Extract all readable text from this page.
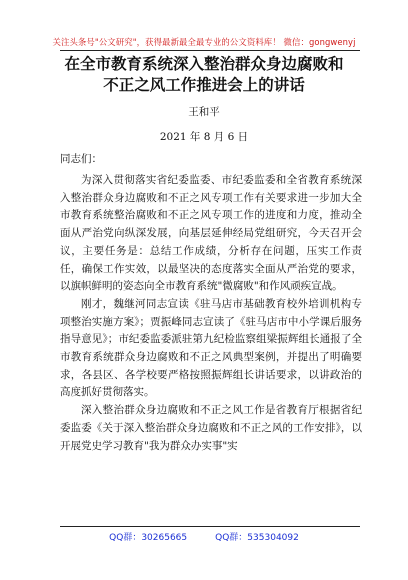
关注头条号"公文研究"，获得最新最全最专业的公文资料库！ 微信：gongwenyj
在全市教育系统深入整治群众身边腐败和
不正之风工作推进会上的讲话
王和平
2021 年 8 月 6 日
同志们：

为深入贯彻落实省纪委监委、市纪委监委和全省教育系统深入整治群众身边腐败和不正之风专项工作有关要求进一步加大全市教育系统整治腐败和不正之风专项工作的进度和力度，推动全面从严治党向纵深发展，向基层延伸经局党组研究，今天召开会议，主要任务是：总结工作成绩，分析存在问题，压实工作责任，确保工作实效，以最坚决的态度落实全面从严治党的要求，以旗帜鲜明的姿态向全市教育系统"微腐败"和作风顽疾宣战。

刚才，魏继河同志宣读《驻马店市基础教育校外培训机构专项整治实施方案》；贾振峰同志宣读了《驻马店市中小学课后服务指导意见》；市纪委监委派驻第九纪检监察组梁振辉组长通报了全市教育系统群众身边腐败和不正之风典型案例，并提出了明确要求，各县区、各学校要严格按照振辉组长讲话要求，以讲政治的高度抓好贯彻落实。

深入整治群众身边腐败和不正之风工作是省教育厅根据省纪委监委《关于深入整治群众身边腐败和不正之风的工作安排》，以开展党史学习教育"我为群众办实事"实

QQ群：30265665	QQ群：535304092
